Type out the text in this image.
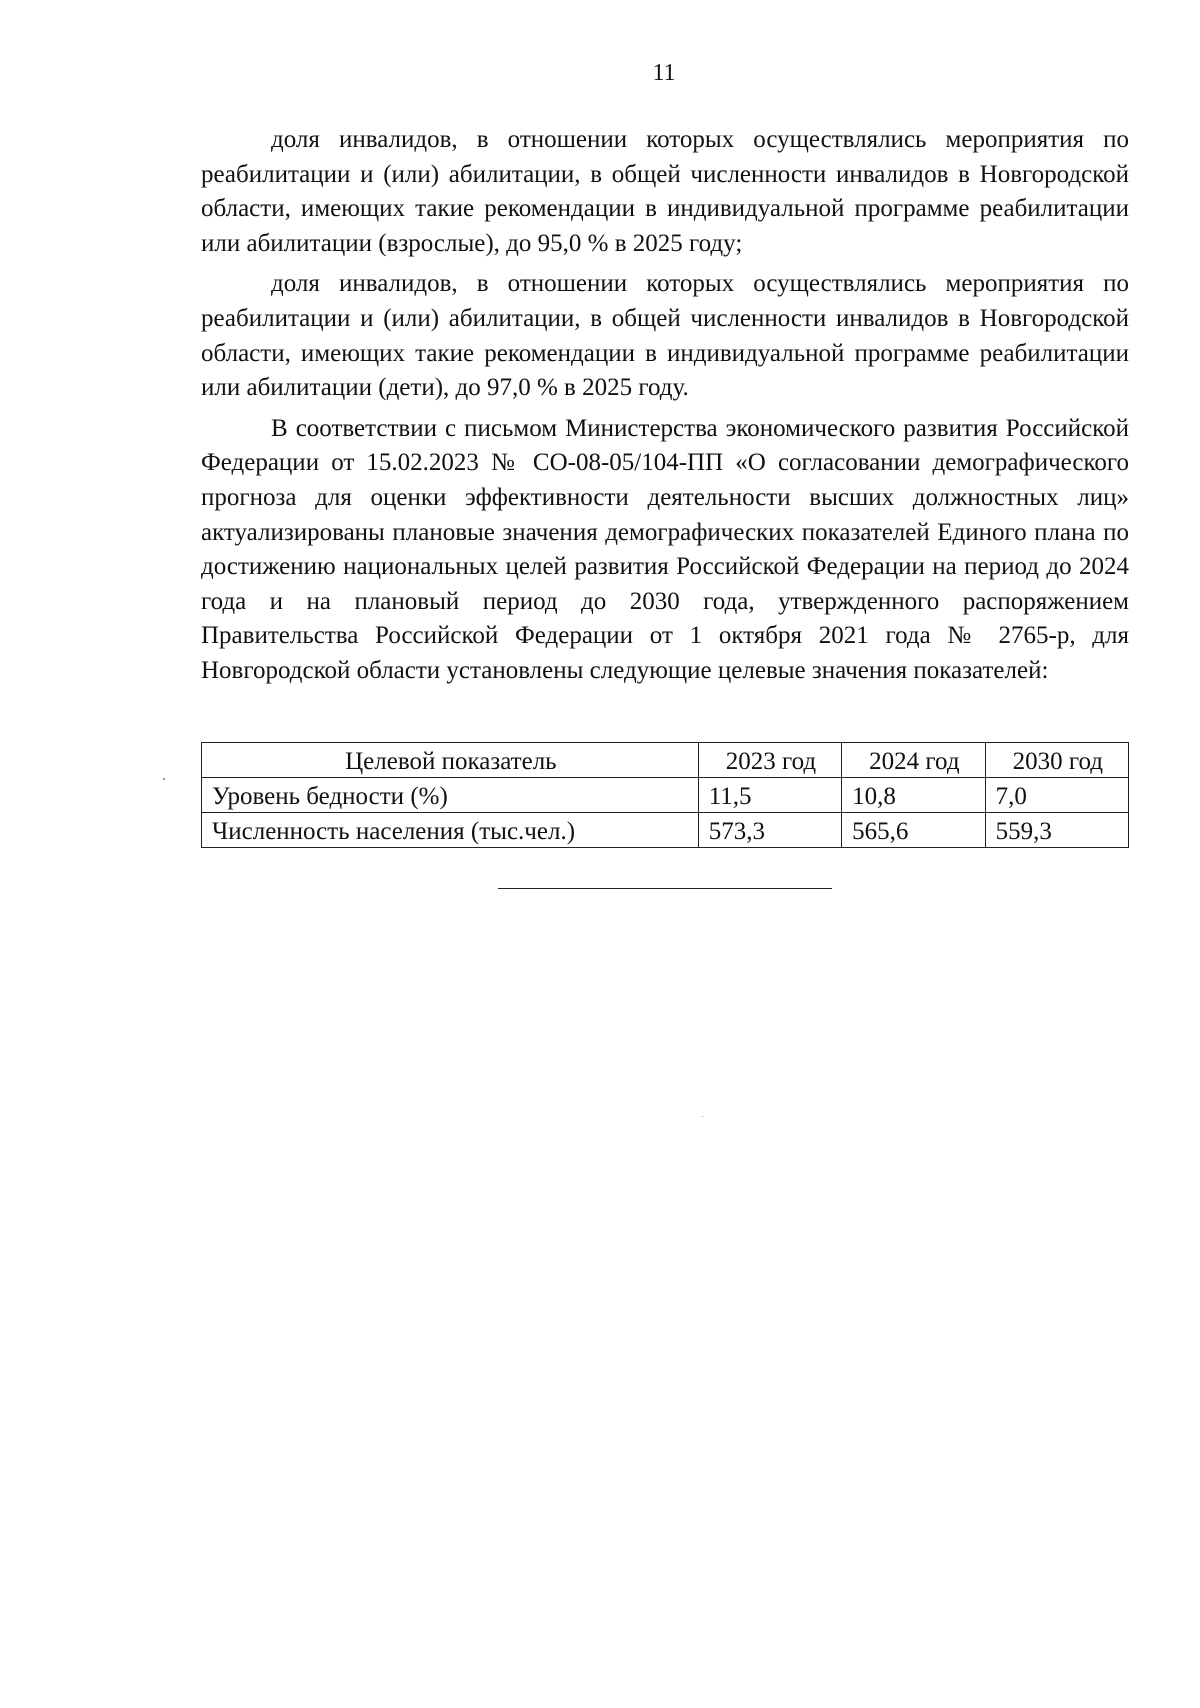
11

доля инвалидов, в отношении которых осуществлялись мероприятия по реабилитации и (или) абилитации, в общей численности инвалидов в Новгородской области, имеющих такие рекомендации в индивидуальной программе реабилитации или абилитации (взрослые), до 95,0 % в 2025 году;

доля инвалидов, в отношении которых осуществлялись мероприятия по реабилитации и (или) абилитации, в общей численности инвалидов в Новгородской области, имеющих такие рекомендации в индивидуальной программе реабилитации или абилитации (дети), до 97,0 % в 2025 году.

В соответствии с письмом Министерства экономического развития Российской Федерации от 15.02.2023 № СО-08-05/104-ПП «О согласовании демографического прогноза для оценки эффективности деятельности высших должностных лиц» актуализированы плановые значения демографических показателей Единого плана по достижению национальных целей развития Российской Федерации на период до 2024 года и на плановый период до 2030 года, утвержденного распоряжением Правительства Российской Федерации от 1 октября 2021 года № 2765-р, для Новгородской области установлены следующие целевые значения показателей:

Целевой показатель	2023 год	2024 год	2030 год
Уровень бедности (%)	11,5	10,8	7,0
Численность населения (тыс.чел.)	573,3	565,6	559,3
